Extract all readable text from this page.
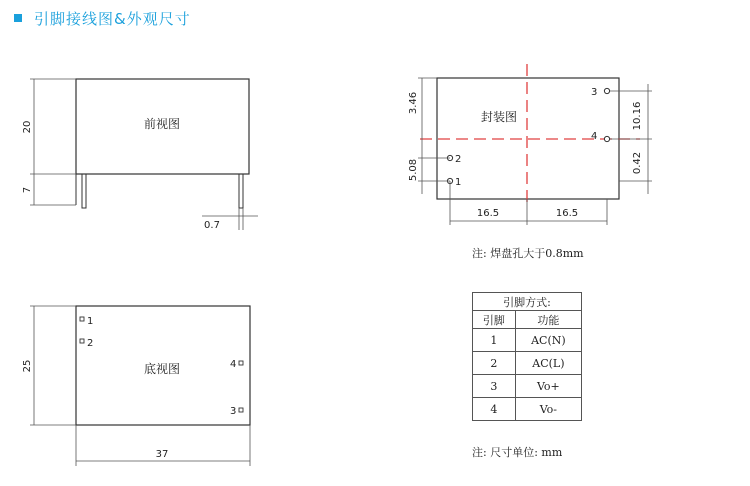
引脚接线图&外观尺寸
前视图
20
7
0.7
封装图
1
2
3
4
3.46
5.08
10.16
0.42
16.5	16.5
底视图
1
2
3
4
25
37
注: 焊盘孔大于0.8mm
引脚方式:	
引脚	功能
1	AC(N)
2	AC(L)
3	Vo+
4	Vo-
注: 尺寸单位: mm
